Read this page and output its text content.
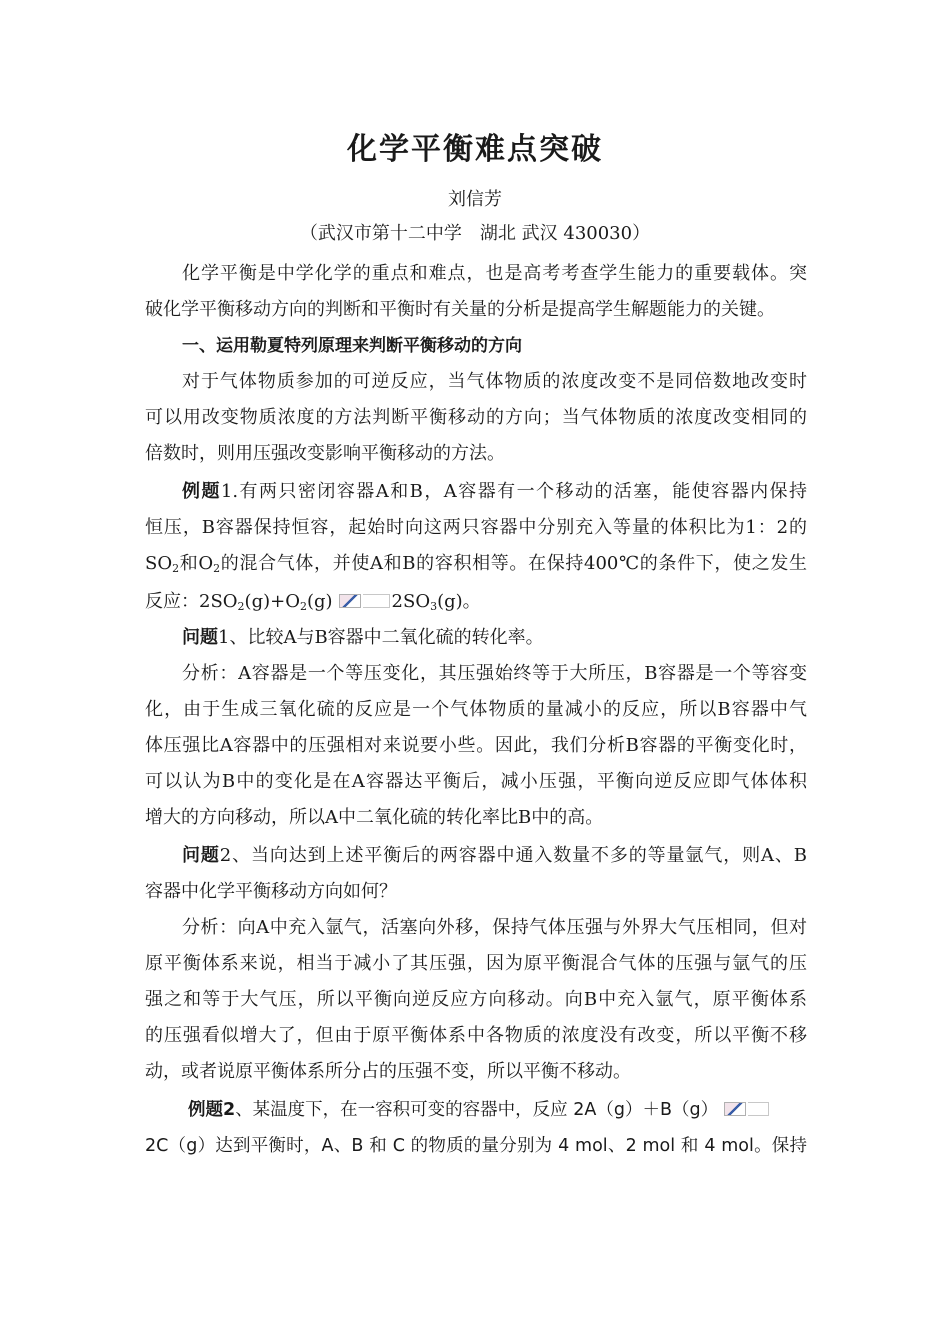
化学平衡难点突破
刘信芳
（武汉市第十二中学　湖北 武汉 430030）
化学平衡是中学化学的重点和难点，也是高考考查学生能力的重要载体。突
破化学平衡移动方向的判断和平衡时有关量的分析是提高学生解题能力的关键。
一、运用勒夏特列原理来判断平衡移动的方向
对于气体物质参加的可逆反应，当气体物质的浓度改变不是同倍数地改变时
可以用改变物质浓度的方法判断平衡移动的方向；当气体物质的浓度改变相同的
倍数时，则用压强改变影响平衡移动的方法。
例题1.有两只密闭容器A和B，A容器有一个移动的活塞，能使容器内保持
恒压，B容器保持恒容，起始时向这两只容器中分别充入等量的体积比为1：2的
$SO_2$和$O_2$的混合气体，并使A和B的容积相等。在保持400℃的条件下，使之发生
反应：$2SO_2(g)+O_2(g)$	$2SO_3(g)$。
问题1、比较A与B容器中二氧化硫的转化率。
分析：A容器是一个等压变化，其压强始终等于大所压，B容器是一个等容变
化，由于生成三氧化硫的反应是一个气体物质的量减小的反应，所以B容器中气
体压强比A容器中的压强相对来说要小些。因此，我们分析B容器的平衡变化时，
可以认为B中的变化是在A容器达平衡后，减小压强，平衡向逆反应即气体体积
增大的方向移动，所以A中二氧化硫的转化率比B中的高。
问题2、当向达到上述平衡后的两容器中通入数量不多的等量氩气，则A、B
容器中化学平衡移动方向如何？
分析：向A中充入氩气，活塞向外移，保持气体压强与外界大气压相同，但对
原平衡体系来说，相当于减小了其压强，因为原平衡混合气体的压强与氩气的压
强之和等于大气压，所以平衡向逆反应方向移动。向B中充入氩气，原平衡体系
的压强看似增大了，但由于原平衡体系中各物质的浓度没有改变，所以平衡不移
动，或者说原平衡体系所分占的压强不变，所以平衡不移动。
例题2、某温度下，在一容积可变的容器中，反应 2A（g）＋B（g）
2C（g）达到平衡时，A、B 和 C 的物质的量分别为 4 mol、2 mol 和 4 mol。保持
